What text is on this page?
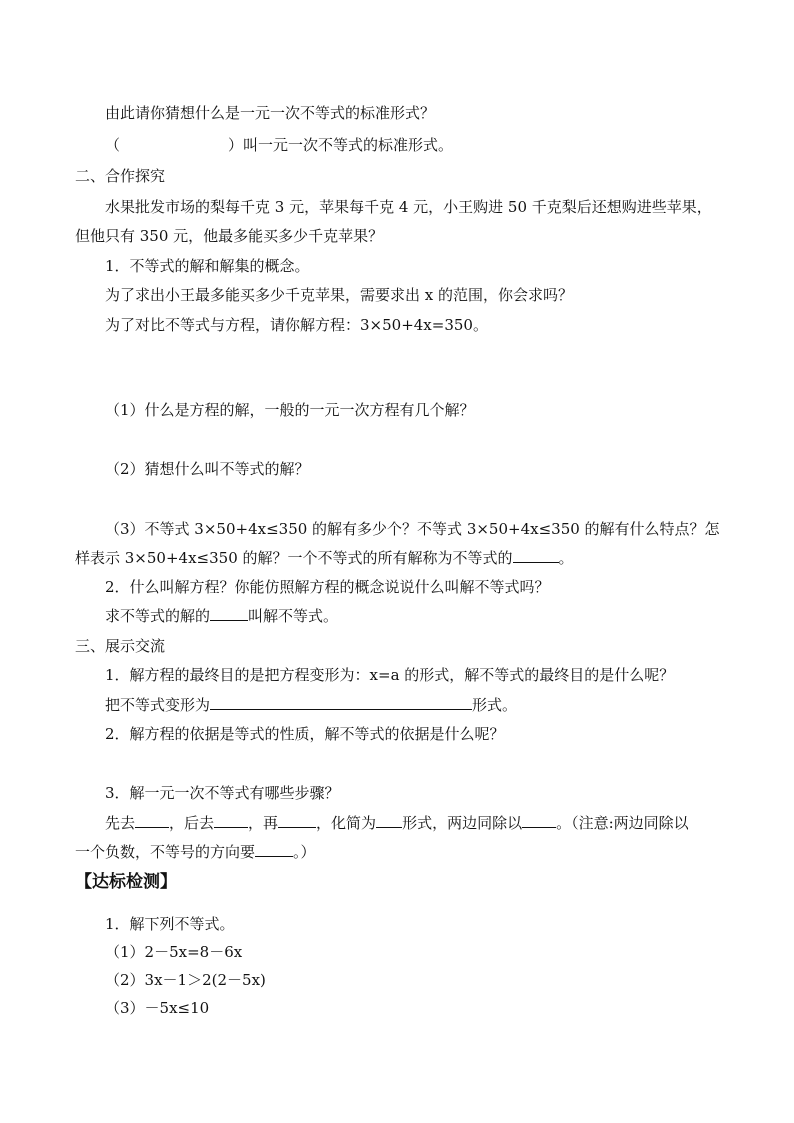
由此请你猜想什么是一元一次不等式的标准形式？
（	）叫一元一次不等式的标准形式。
二、合作探究
水果批发市场的梨每千克 3 元，苹果每千克 4 元，小王购进 50 千克梨后还想购进些苹果，
但他只有 350 元，他最多能买多少千克苹果？
1．不等式的解和解集的概念。
为了求出小王最多能买多少千克苹果，需要求出 x 的范围，你会求吗？
为了对比不等式与方程，请你解方程：3×50+4x=350。
（1）什么是方程的解，一般的一元一次方程有几个解？
（2）猜想什么叫不等式的解？
（3）不等式 3×50+4x≤350 的解有多少个？不等式 3×50+4x≤350 的解有什么特点？怎
样表示 3×50+4x≤350 的解？一个不等式的所有解称为不等式的	。
2．什么叫解方程？你能仿照解方程的概念说说什么叫解不等式吗？
求不等式的解的	叫解不等式。
三、展示交流
1．解方程的最终目的是把方程变形为：x=a 的形式，解不等式的最终目的是什么呢？
把不等式变形为	形式。
2．解方程的依据是等式的性质，解不等式的依据是什么呢？
3．解一元一次不等式有哪些步骤？
先去 ，后去 ，再	，化简为 形式，两边同除以 。（注意:两边同除以
一个负数，不等号的方向要	。）
【达标检测】
1．解下列不等式。
（1）2－5x=8－6x
（2）3x－1＞2(2－5x)
（3）－5x≤10
